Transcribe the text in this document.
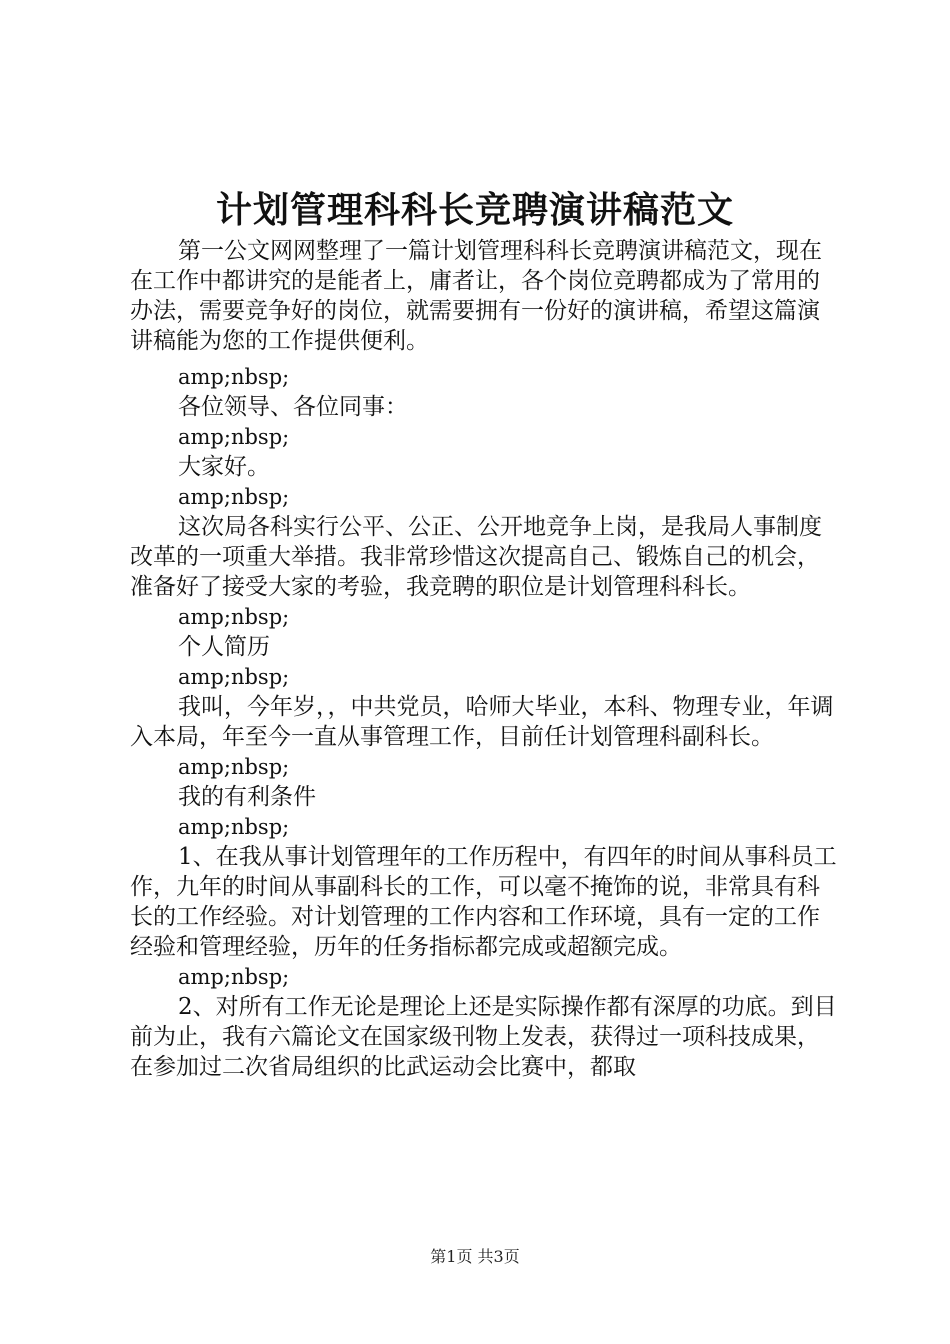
计划管理科科长竞聘演讲稿范文

第一公文网网整理了一篇计划管理科科长竞聘演讲稿范文，现在在工作中都讲究的是能者上，庸者让，各个岗位竞聘都成为了常用的办法，需要竞争好的岗位，就需要拥有一份好的演讲稿，希望这篇演讲稿能为您的工作提供便利。

amp;nbsp;

各位领导、各位同事：

amp;nbsp;

大家好。

amp;nbsp;

这次局各科实行公平、公正、公开地竞争上岗，是我局人事制度改革的一项重大举措。我非常珍惜这次提高自己、锻炼自己的机会，准备好了接受大家的考验，我竞聘的职位是计划管理科科长。

amp;nbsp;

个人简历

amp;nbsp;

我叫，今年岁，，中共党员，哈师大毕业，本科、物理专业，年调入本局，年至今一直从事管理工作，目前任计划管理科副科长。

amp;nbsp;

我的有利条件

amp;nbsp;

1、在我从事计划管理年的工作历程中，有四年的时间从事科员工作，九年的时间从事副科长的工作，可以毫不掩饰的说，非常具有科长的工作经验。对计划管理的工作内容和工作环境，具有一定的工作经验和管理经验，历年的任务指标都完成或超额完成。

amp;nbsp;

2、对所有工作无论是理论上还是实际操作都有深厚的功底。到目前为止，我有六篇论文在国家级刊物上发表，获得过一项科技成果，在参加过二次省局组织的比武运动会比赛中，都取

第1页 共3页
